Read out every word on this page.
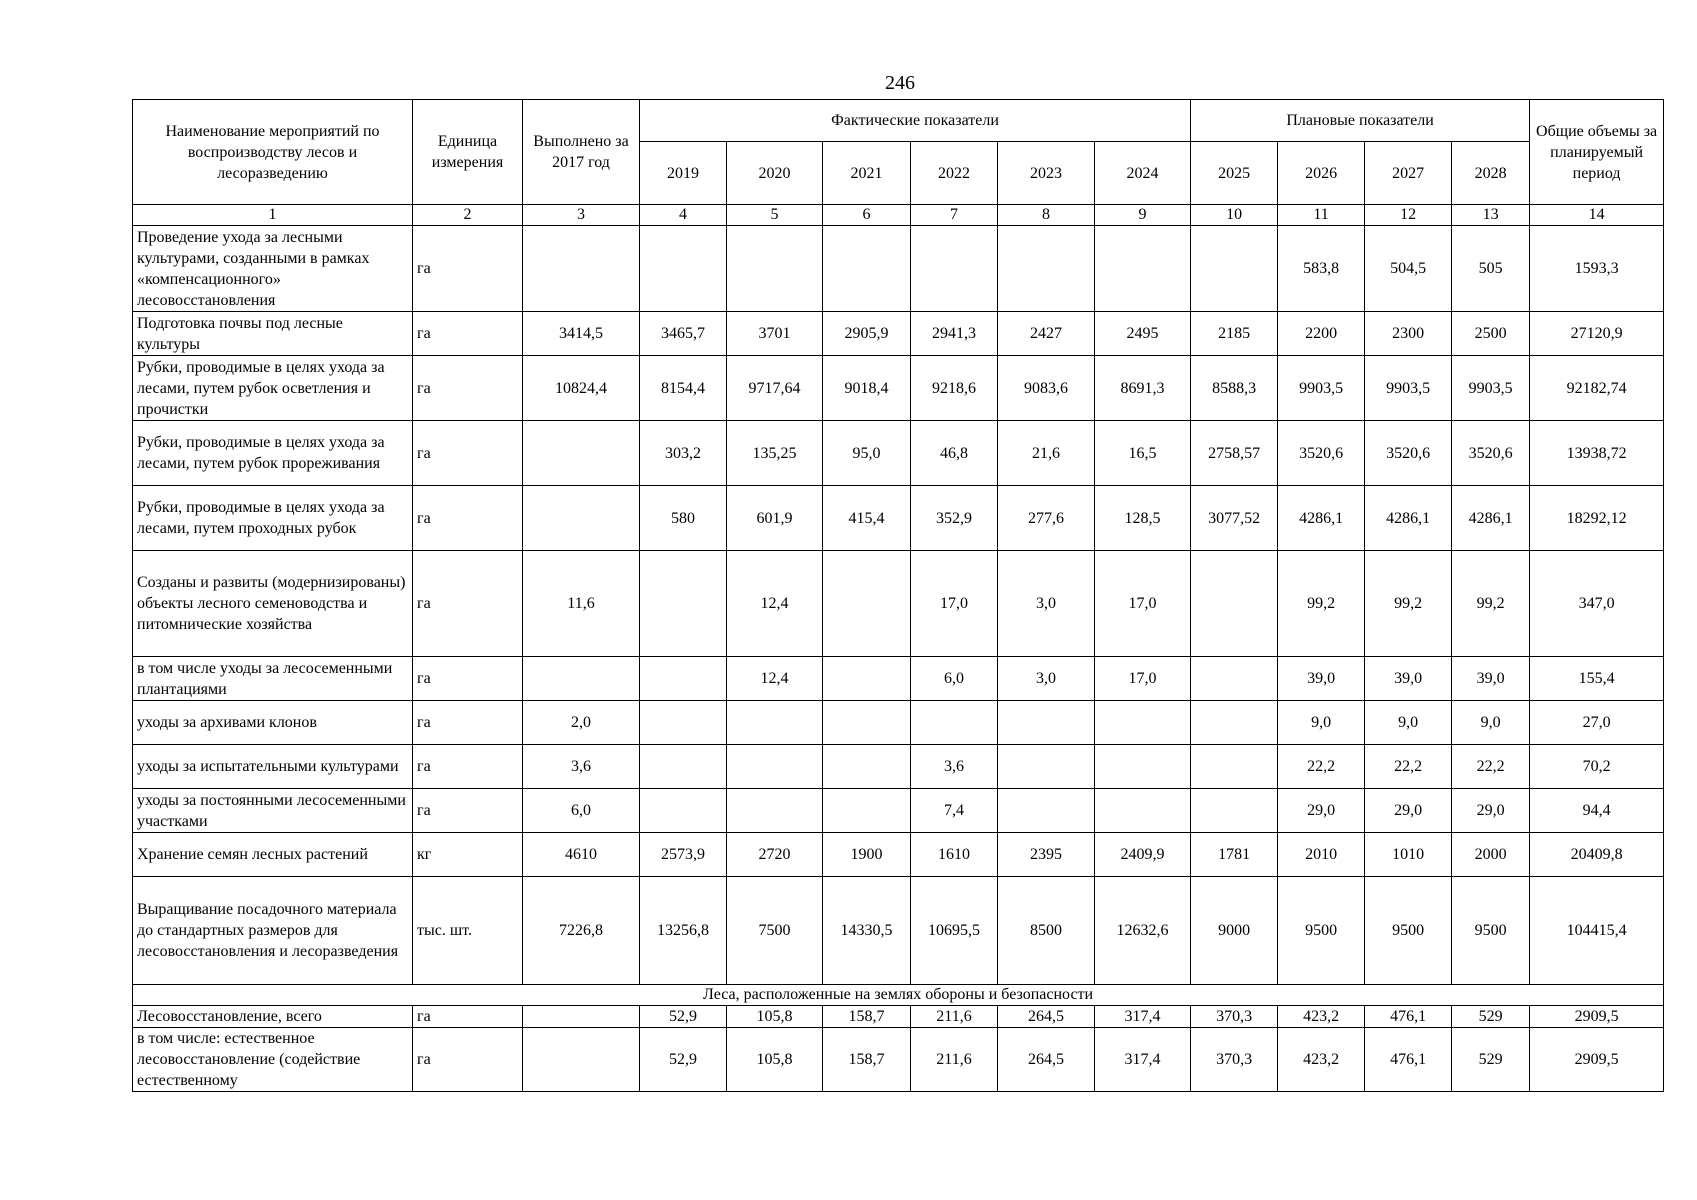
246
Наименование мероприятий по воспроизводству лесов и лесоразведению	Единица измерения	Выполнено за 2017 год	Фактические показатели						Плановые показатели				Общие объемы за планируемый период
			2019	2020	2021	2022	2023	2024	2025	2026	2027	2028	
1	2	3	4	5	6	7	8	9	10	11	12	13	14
Проведение ухода за лесными культурами, созданными в рамках «компенсационного» лесовосстановления	га									583,8	504,5	505	1593,3
Подготовка почвы под лесные культуры	га	3414,5	3465,7	3701	2905,9	2941,3	2427	2495	2185	2200	2300	2500	27120,9
Рубки, проводимые в целях ухода за лесами, путем рубок осветления и прочистки	га	10824,4	8154,4	9717,64	9018,4	9218,6	9083,6	8691,3	8588,3	9903,5	9903,5	9903,5	92182,74
Рубки, проводимые в целях ухода за лесами, путем рубок прореживания	га		303,2	135,25	95,0	46,8	21,6	16,5	2758,57	3520,6	3520,6	3520,6	13938,72
Рубки, проводимые в целях ухода за лесами, путем проходных рубок	га		580	601,9	415,4	352,9	277,6	128,5	3077,52	4286,1	4286,1	4286,1	18292,12
Созданы и развиты (модернизированы) объекты лесного семеноводства и питомнические хозяйства	га	11,6		12,4		17,0	3,0	17,0		99,2	99,2	99,2	347,0
в том числе уходы за лесосеменными плантациями	га			12,4		6,0	3,0	17,0		39,0	39,0	39,0	155,4
уходы за архивами клонов	га	2,0								9,0	9,0	9,0	27,0
уходы за испытательными культурами	га	3,6				3,6				22,2	22,2	22,2	70,2
уходы за постоянными лесосеменными участками	га	6,0				7,4				29,0	29,0	29,0	94,4
Хранение семян лесных растений	кг	4610	2573,9	2720	1900	1610	2395	2409,9	1781	2010	1010	2000	20409,8
Выращивание посадочного материала до стандартных размеров для лесовосстановления и лесоразведения	тыс. шт.	7226,8	13256,8	7500	14330,5	10695,5	8500	12632,6	9000	9500	9500	9500	104415,4
Леса, расположенные на землях обороны и безопасности													
Лесовосстановление, всего	га		52,9	105,8	158,7	211,6	264,5	317,4	370,3	423,2	476,1	529	2909,5
в том числе: естественное лесовосстановление (содействие естественному	га		52,9	105,8	158,7	211,6	264,5	317,4	370,3	423,2	476,1	529	2909,5
